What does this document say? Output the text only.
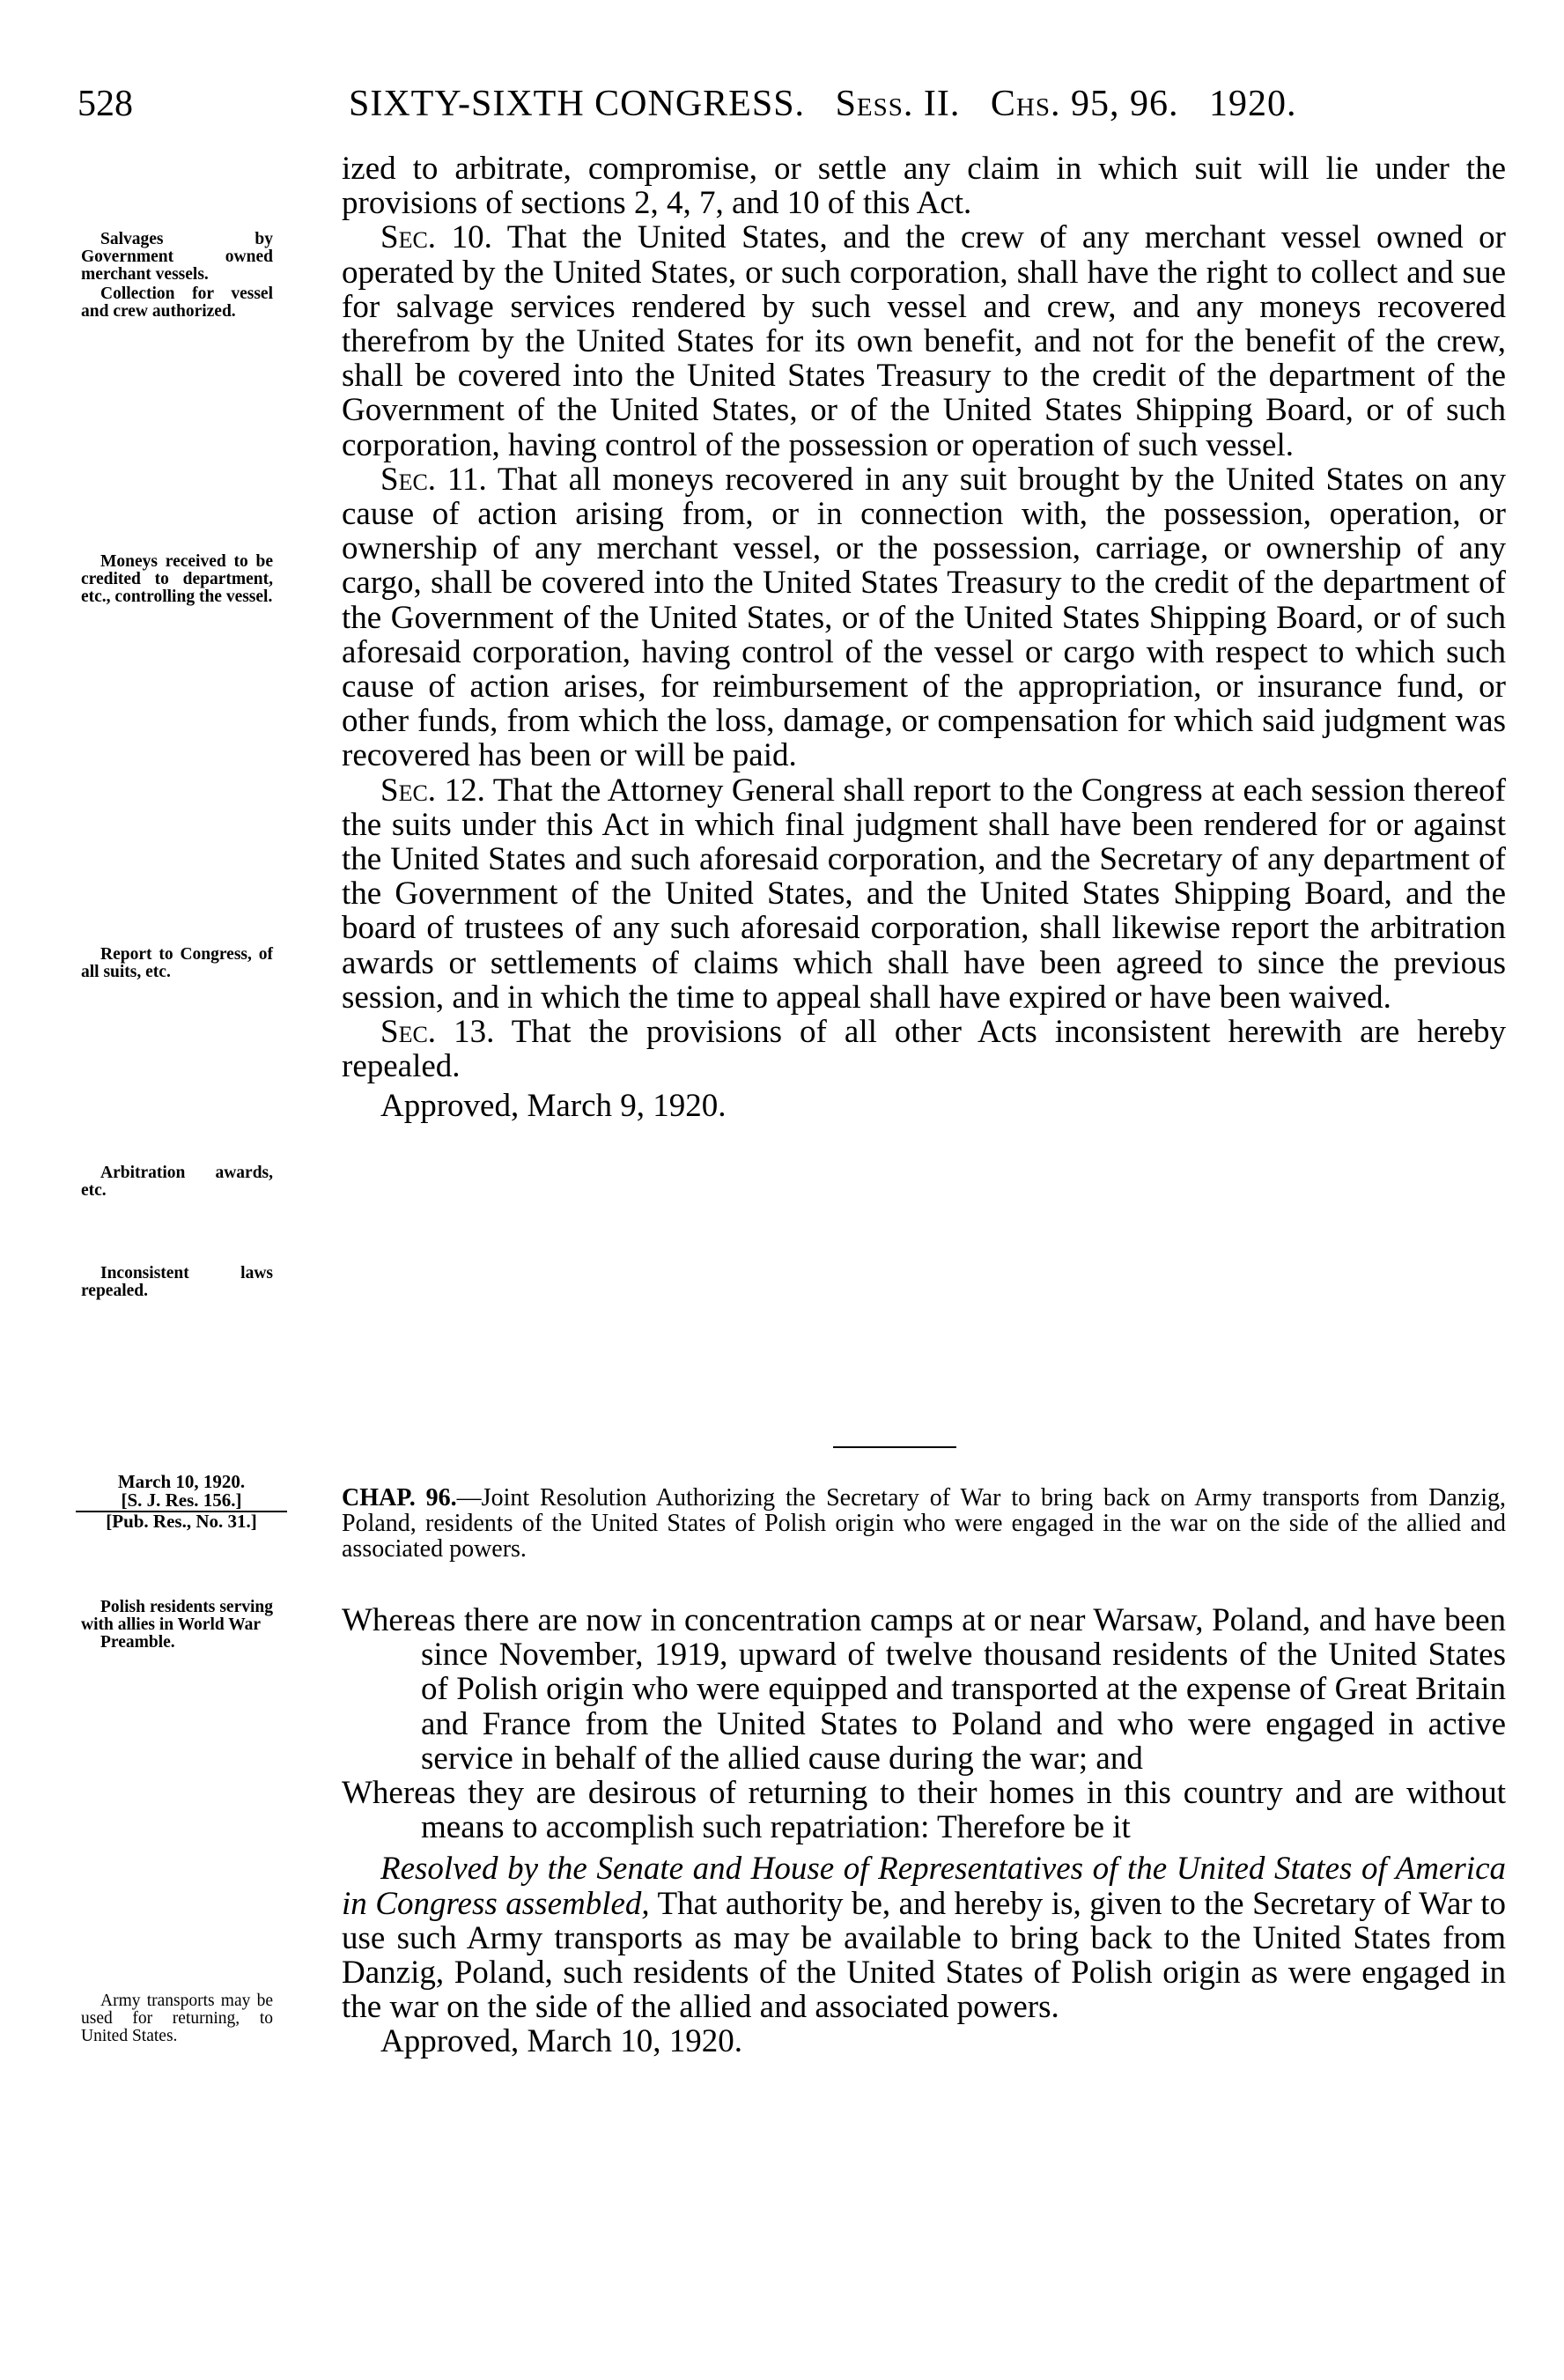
528	SIXTY-SIXTH CONGRESS. Sess. II. Chs. 95, 96. 1920.

ized to arbitrate, compromise, or settle any claim in which suit will lie under the provisions of sections 2, 4, 7, and 10 of this Act.

Sec. 10. That the United States, and the crew of any merchant vessel owned or operated by the United States, or such corporation, shall have the right to collect and sue for salvage services rendered by such vessel and crew, and any moneys recovered therefrom by the United States for its own benefit, and not for the benefit of the crew, shall be covered into the United States Treasury to the credit of the department of the Government of the United States, or of the United States Shipping Board, or of such corporation, having control of the possession or operation of such vessel.

Sec. 11. That all moneys recovered in any suit brought by the United States on any cause of action arising from, or in connection with, the possession, operation, or ownership of any merchant vessel, or the possession, carriage, or ownership of any cargo, shall be covered into the United States Treasury to the credit of the department of the Government of the United States, or of the United States Shipping Board, or of such aforesaid corporation, having control of the vessel or cargo with respect to which such cause of action arises, for reimbursement of the appropriation, or insurance fund, or other funds, from which the loss, damage, or compensation for which said judgment was recovered has been or will be paid.

Sec. 12. That the Attorney General shall report to the Congress at each session thereof the suits under this Act in which final judgment shall have been rendered for or against the United States and such aforesaid corporation, and the Secretary of any department of the Government of the United States, and the United States Shipping Board, and the board of trustees of any such aforesaid corporation, shall likewise report the arbitration awards or settlements of claims which shall have been agreed to since the previous session, and in which the time to appeal shall have expired or have been waived.

Sec. 13. That the provisions of all other Acts inconsistent herewith are hereby repealed.

Approved, March 9, 1920.

Salvages by Government owned merchant vessels.
Collection for vessel and crew authorized.
Moneys received to be credited to department, etc., controlling the vessel.
Report to Congress, of all suits, etc.
Arbitration awards, etc.
Inconsistent laws repealed.
March 10, 1920.
[S. J. Res. 156.]
[Pub. Res., No. 31.]
CHAP. 96.—Joint Resolution Authorizing the Secretary of War to bring back on Army transports from Danzig, Poland, residents of the United States of Polish origin who were engaged in the war on the side of the allied and associated powers.

Whereas there are now in concentration camps at or near Warsaw, Poland, and have been since November, 1919, upward of twelve thousand residents of the United States of Polish origin who were equipped and transported at the expense of Great Britain and France from the United States to Poland and who were engaged in active service in behalf of the allied cause during the war; and

Whereas they are desirous of returning to their homes in this country and are without means to accomplish such repatriation: Therefore be it

Resolved by the Senate and House of Representatives of the United States of America in Congress assembled, That authority be, and hereby is, given to the Secretary of War to use such Army transports as may be available to bring back to the United States from Danzig, Poland, such residents of the United States of Polish origin as were engaged in the war on the side of the allied and associated powers.

Approved, March 10, 1920.

Polish residents serving with allies in World War
Preamble.
Army transports may be used for returning, to United States.
